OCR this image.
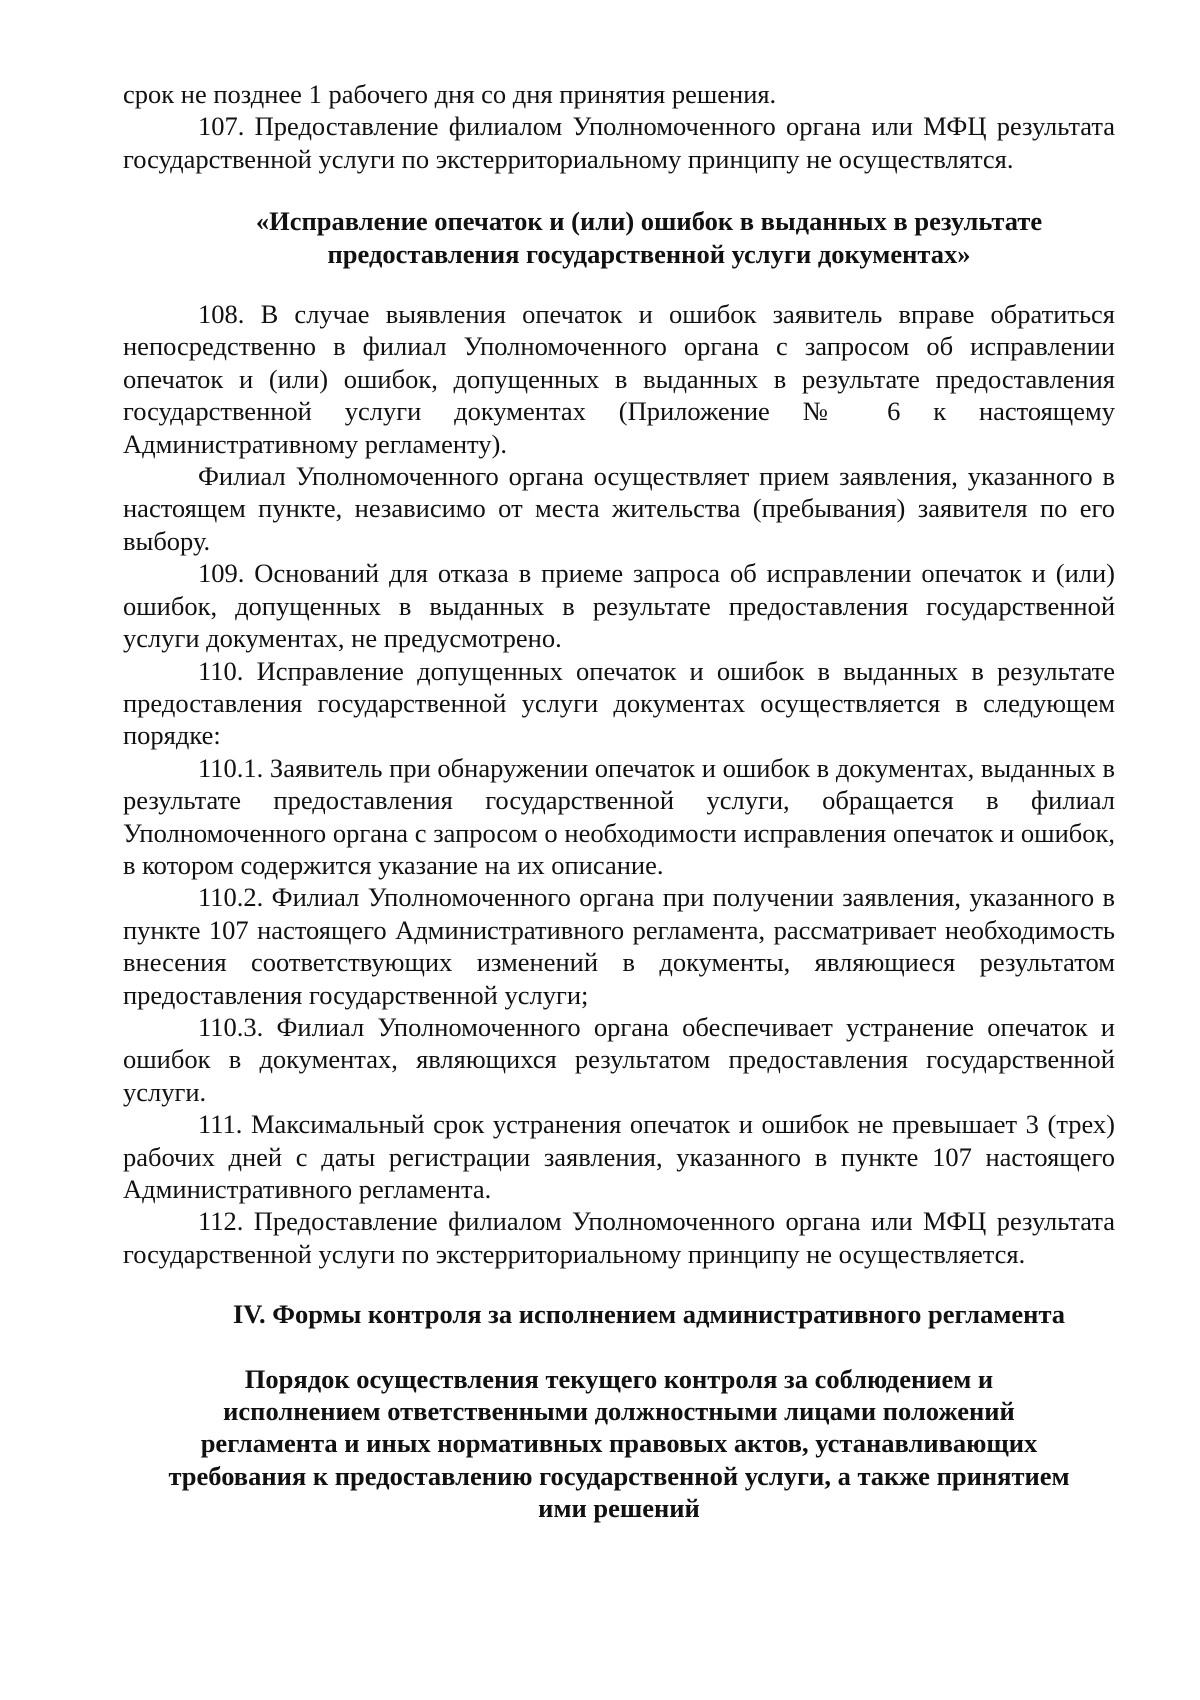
срок не позднее 1 рабочего дня со дня принятия решения.

107. Предоставление филиалом Уполномоченного органа или МФЦ результата государственной услуги по экстерриториальному принципу не осуществлятся.

«Исправление опечаток и (или) ошибок в выданных в результате предоставления государственной услуги документах»

108. В случае выявления опечаток и ошибок заявитель вправе обратиться непосредственно в филиал Уполномоченного органа с запросом об исправлении опечаток и (или) ошибок, допущенных в выданных в результате предоставления государственной услуги документах (Приложение № 6 к настоящему Административному регламенту).

Филиал Уполномоченного органа осуществляет прием заявления, указанного в настоящем пункте, независимо от места жительства (пребывания) заявителя по его выбору.

109. Оснований для отказа в приеме запроса об исправлении опечаток и (или) ошибок, допущенных в выданных в результате предоставления государственной услуги документах, не предусмотрено.

110. Исправление допущенных опечаток и ошибок в выданных в результате предоставления государственной услуги документах осуществляется в следующем порядке:

110.1. Заявитель при обнаружении опечаток и ошибок в документах, выданных в результате предоставления государственной услуги, обращается в филиал Уполномоченного органа с запросом о необходимости исправления опечаток и ошибок, в котором содержится указание на их описание.

110.2. Филиал Уполномоченного органа при получении заявления, указанного в пункте 107 настоящего Административного регламента, рассматривает необходимость внесения соответствующих изменений в документы, являющиеся результатом предоставления государственной услуги;

110.3. Филиал Уполномоченного органа обеспечивает устранение опечаток и ошибок в документах, являющихся результатом предоставления государственной услуги.

111. Максимальный срок устранения опечаток и ошибок не превышает 3 (трех) рабочих дней с даты регистрации заявления, указанного в пункте 107 настоящего Административного регламента.

112. Предоставление филиалом Уполномоченного органа или МФЦ результата государственной услуги по экстерриториальному принципу не осуществляется.

IV. Формы контроля за исполнением административного регламента
Порядок осуществления текущего контроля за соблюдением и
исполнением ответственными должностными лицами положений
регламента и иных нормативных правовых актов, устанавливающих
требования к предоставлению государственной услуги, а также принятием
ими решений
